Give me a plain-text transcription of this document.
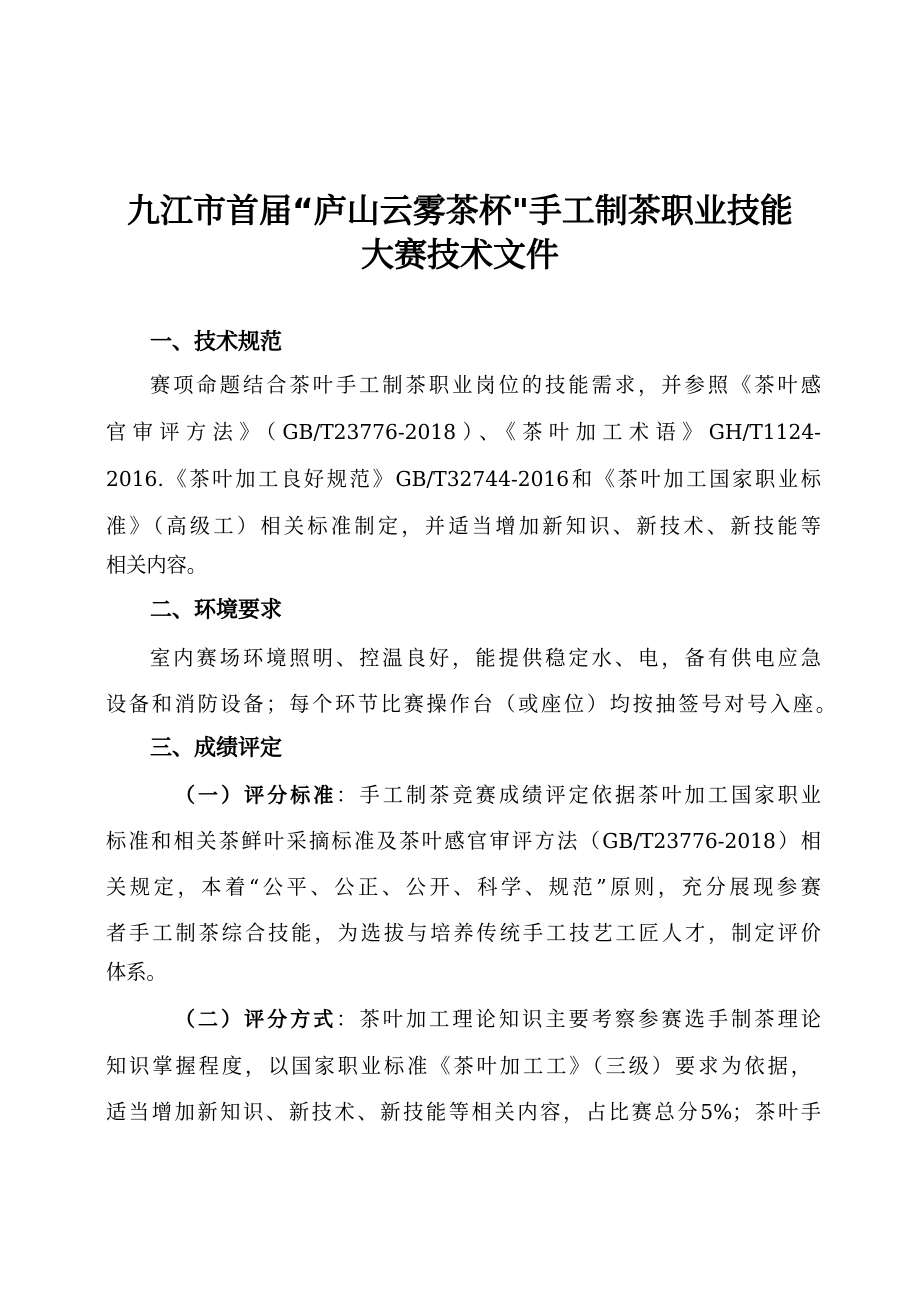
九江市首届“庐山云雾茶杯"手工制茶职业技能
大赛技术文件
一、技术规范

赛项命题结合茶叶手工制茶职业岗位的技能需求，并参照《茶叶感

官审评方法》（GB/T23776-2018）、《茶叶加工术语》GH/T1124-

2016.《茶叶加工良好规范》GB/T32744-2016和《茶叶加工国家职业标

准》（高级工）相关标准制定，并适当增加新知识、新技术、新技能等

相关内容。

二、环境要求

室内赛场环境照明、控温良好，能提供稳定水、电，备有供电应急

设备和消防设备；每个环节比赛操作台（或座位）均按抽签号对号入座。

三、成绩评定

（一）评分标准：手工制茶竞赛成绩评定依据茶叶加工国家职业

标准和相关茶鲜叶采摘标准及茶叶感官审评方法（GB/T23776-2018）相

关规定，本着“公平、公正、公开、科学、规范”原则，充分展现参赛

者手工制茶综合技能，为选拔与培养传统手工技艺工匠人才，制定评价

体系。

（二）评分方式：茶叶加工理论知识主要考察参赛选手制茶理论

知识掌握程度，以国家职业标准《茶叶加工工》（三级）要求为依据，

适当增加新知识、新技术、新技能等相关内容，占比赛总分5%；茶叶手
